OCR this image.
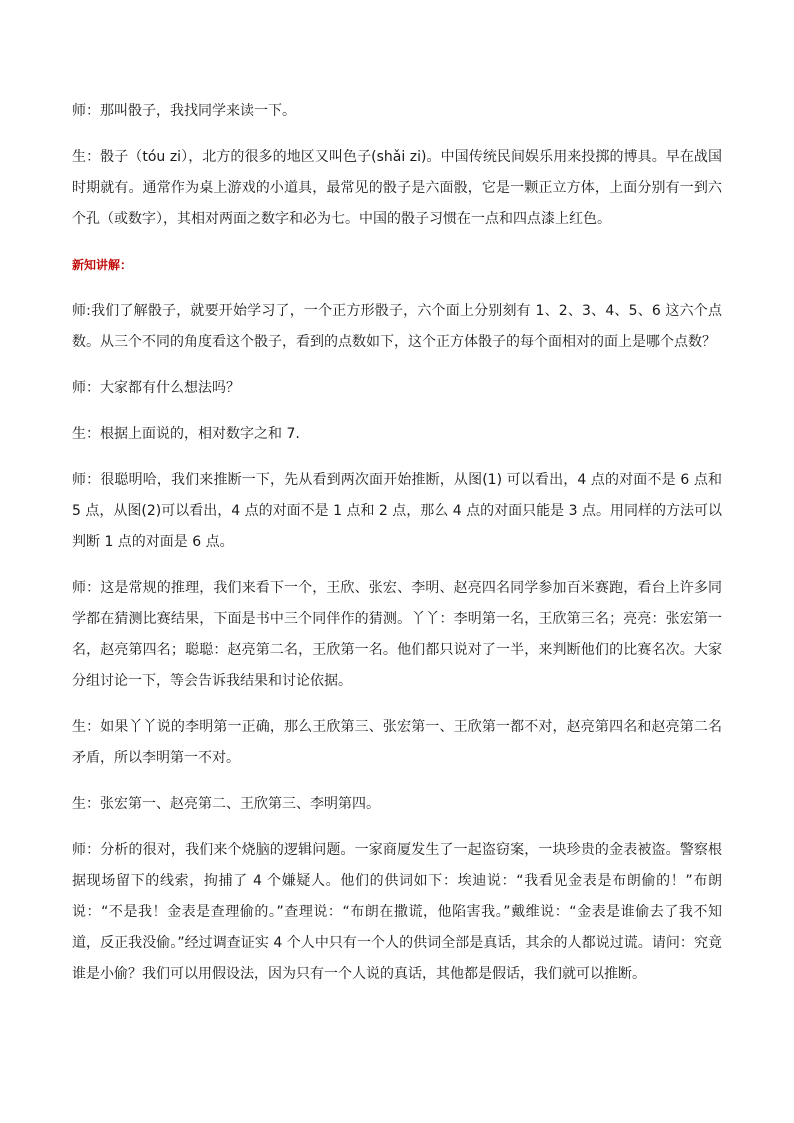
师：那叫骰子，我找同学来读一下。

生：骰子（tóu zi），北方的很多的地区又叫色子(shǎi zi)。中国传统民间娱乐用来投掷的博具。早在战国时期就有。通常作为桌上游戏的小道具，最常见的骰子是六面骰，它是一颗正立方体，上面分别有一到六个孔（或数字），其相对两面之数字和必为七。中国的骰子习惯在一点和四点漆上红色。

新知讲解：

师:我们了解骰子，就要开始学习了，一个正方形骰子，六个面上分别刻有 1、2、3、4、5、6 这六个点数。从三个不同的角度看这个骰子，看到的点数如下，这个正方体骰子的每个面相对的面上是哪个点数？

师：大家都有什么想法吗？

生：根据上面说的，相对数字之和 7.

师：很聪明哈，我们来推断一下，先从看到两次面开始推断，从图(1) 可以看出，4 点的对面不是 6 点和 5 点，从图(2)可以看出，4 点的对面不是 1 点和 2 点，那么 4 点的对面只能是 3 点。用同样的方法可以判断 1 点的对面是 6 点。

师：这是常规的推理，我们来看下一个，王欣、张宏、李明、赵亮四名同学参加百米赛跑，看台上许多同学都在猜测比赛结果，下面是书中三个同伴作的猜测。丫丫：李明第一名，王欣第三名；亮亮：张宏第一名，赵亮第四名；聪聪：赵亮第二名，王欣第一名。他们都只说对了一半，来判断他们的比赛名次。大家分组讨论一下，等会告诉我结果和讨论依据。

生：如果丫丫说的李明第一正确，那么王欣第三、张宏第一、王欣第一都不对，赵亮第四名和赵亮第二名矛盾，所以李明第一不对。

生：张宏第一、赵亮第二、王欣第三、李明第四。

师：分析的很对，我们来个烧脑的逻辑问题。一家商厦发生了一起盗窃案，一块珍贵的金表被盗。警察根据现场留下的线索，拘捕了 4 个嫌疑人。他们的供词如下：埃迪说：“我看见金表是布朗偷的！”布朗说：“不是我！金表是查理偷的。”查理说：“布朗在撒谎，他陷害我。”戴维说：“金表是谁偷去了我不知道，反正我没偷。”经过调查证实 4 个人中只有一个人的供词全部是真话，其余的人都说过谎。请问：究竟谁是小偷？我们可以用假设法，因为只有一个人说的真话，其他都是假话，我们就可以推断。
